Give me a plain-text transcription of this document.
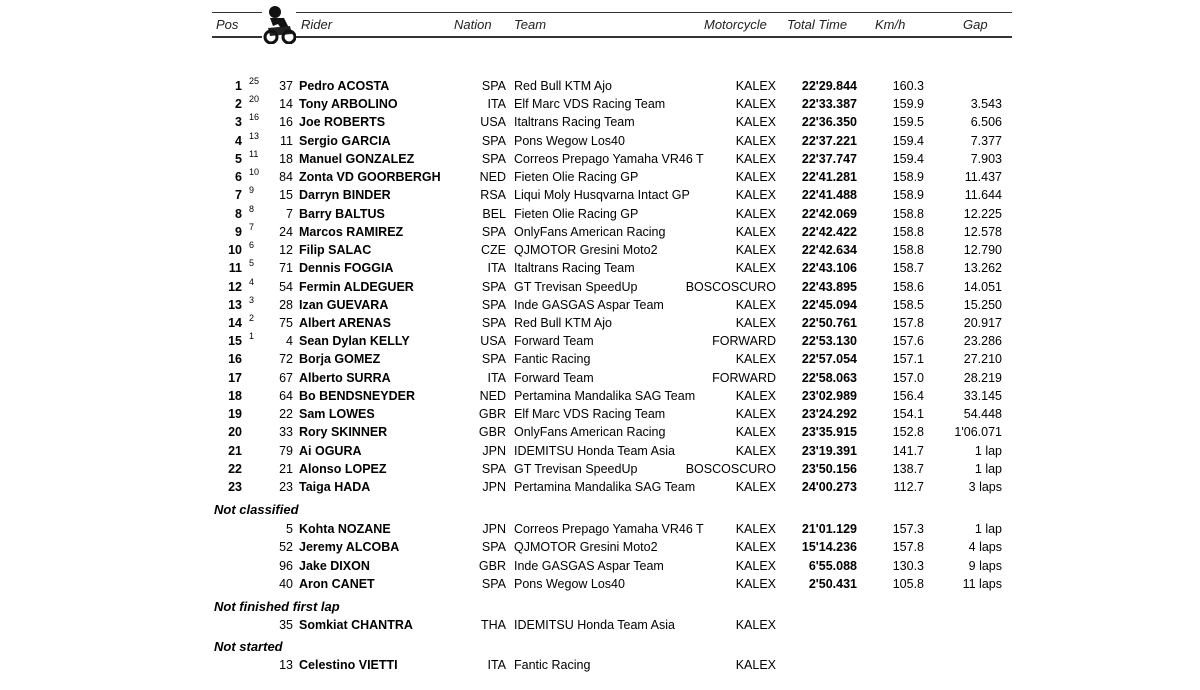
Pos	Rider	Nation Team	Motorcycle Total Time Km/h	Gap
1 25 37 Pedro ACOSTA	SPA Red Bull KTM Ajo	KALEX 22'29.844	160.3
2 20 14 Tony ARBOLINO	ITA Elf Marc VDS Racing Team	KALEX 22'33.387	159.9	3.543
3 16 16 Joe ROBERTS	USA Italtrans Racing Team	KALEX 22'36.350	159.5	6.506
4 13 11 Sergio GARCIA	SPA Pons Wegow Los40	KALEX 22'37.221	159.4	7.377
5 11 18 Manuel GONZALEZ	SPA Correos Prepago Yamaha VR46 T	KALEX 22'37.747	159.4	7.903
6 10 84 Zonta VD GOORBERGH	NED Fieten Olie Racing GP	KALEX 22'41.281	158.9	11.437
7 9 15 Darryn BINDER	RSA Liqui Moly Husqvarna Intact GP	KALEX 22'41.488	158.9	11.644
8 8	7 Barry BALTUS	BEL Fieten Olie Racing GP	KALEX 22'42.069	158.8	12.225
9 7 24 Marcos RAMIREZ	SPA OnlyFans American Racing	KALEX 22'42.422	158.8	12.578
10 6 12 Filip SALAC	CZE QJMOTOR Gresini Moto2	KALEX 22'42.634	158.8	12.790
11 5 71 Dennis FOGGIA	ITA Italtrans Racing Team	KALEX 22'43.106	158.7	13.262
12 4 54 Fermin ALDEGUER	SPA GT Trevisan SpeedUp	BOSCOSCURO 22'43.895	158.6	14.051
13 3 28 Izan GUEVARA	SPA Inde GASGAS Aspar Team	KALEX 22'45.094	158.5	15.250
14 2 75 Albert ARENAS	SPA Red Bull KTM Ajo	KALEX 22'50.761	157.8	20.917
15 1	4 Sean Dylan KELLY	USA Forward Team	FORWARD 22'53.130	157.6	23.286
16	72 Borja GOMEZ	SPA Fantic Racing	KALEX 22'57.054	157.1	27.210
17	67 Alberto SURRA	ITA Forward Team	FORWARD 22'58.063	157.0	28.219
18	64 Bo BENDSNEYDER	NED Pertamina Mandalika SAG Team	KALEX 23'02.989	156.4	33.145
19	22 Sam LOWES	GBR Elf Marc VDS Racing Team	KALEX 23'24.292	154.1	54.448
20	33 Rory SKINNER	GBR OnlyFans American Racing	KALEX 23'35.915	152.8 1'06.071
21	79 Ai OGURA	JPN IDEMITSU Honda Team Asia	KALEX 23'19.391	141.7	1 lap
22	21 Alonso LOPEZ	SPA GT Trevisan SpeedUp	BOSCOSCURO 23'50.156	138.7	1 lap
23	23 Taiga HADA	JPN Pertamina Mandalika SAG Team	KALEX 24'00.273	112.7	3 laps
Not classified
5 Kohta NOZANE	JPN Correos Prepago Yamaha VR46 T	KALEX 21'01.129	157.3	1 lap
52 Jeremy ALCOBA	SPA QJMOTOR Gresini Moto2	KALEX 15'14.236	157.8	4 laps
96 Jake DIXON	GBR Inde GASGAS Aspar Team	KALEX	6'55.088	130.3	9 laps
40 Aron CANET	SPA Pons Wegow Los40	KALEX	2'50.431	105.8	11 laps
Not finished first lap
35 Somkiat CHANTRA	THA IDEMITSU Honda Team Asia	KALEX
Not started
13 Celestino VIETTI	ITA Fantic Racing	KALEX
